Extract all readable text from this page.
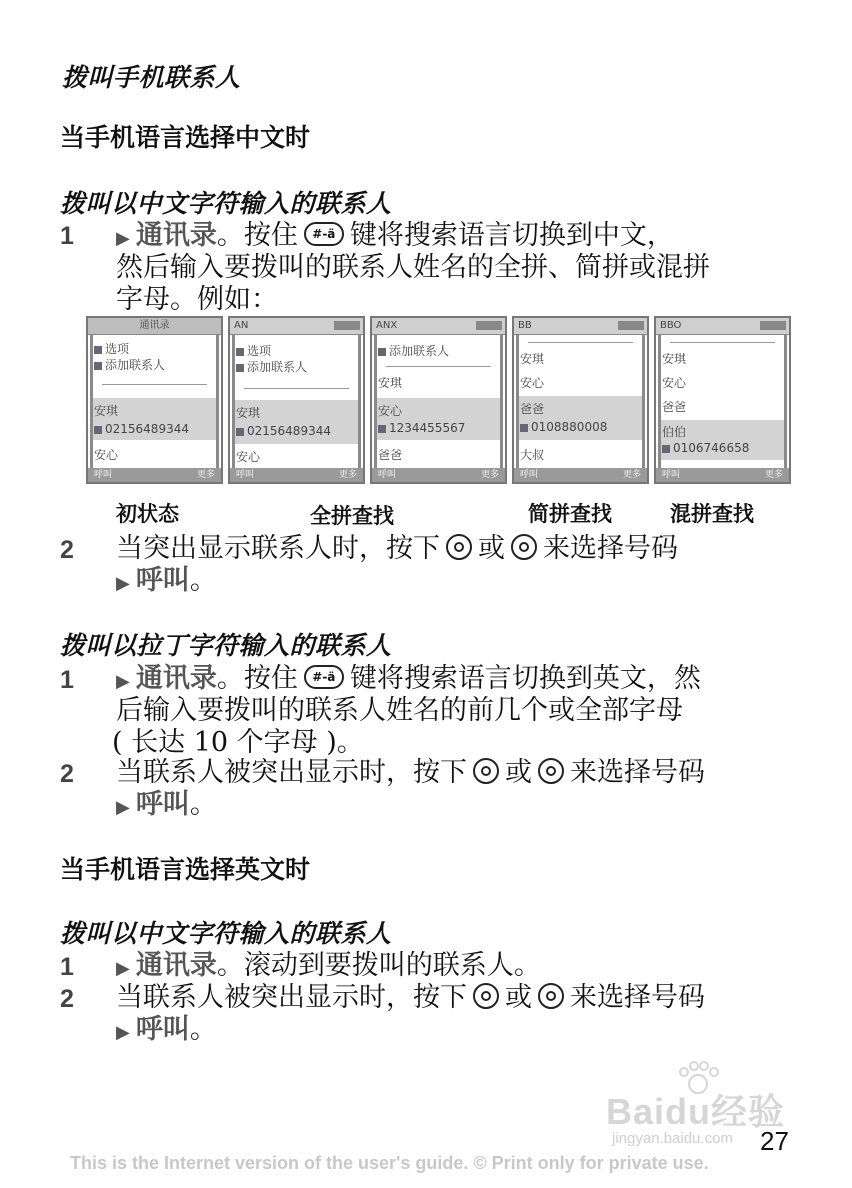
拨叫手机联系人
当手机语言选择中文时
拨叫以中文字符输入的联系人
1	▶ 通讯录。按住 #-ä 键将搜索语言切换到中文，
然后输入要拨叫的联系人姓名的全拼、简拼或混拼
字母。例如：
通讯录
选项
添加联系人
安琪
02156489344
安心
呼叫	更多
AN
选项
添加联系人
安琪
02156489344
安心
呼叫	更多
ANX
添加联系人
安琪
安心
1234455567
爸爸
呼叫	更多
BB
安琪
安心
爸爸
0108880008
大叔
呼叫	更多
BBO
安琪
安心
爸爸
伯伯
0106746658
呼叫	更多
初状态	全拼查找	简拼查找	混拼查找
2	当突出显示联系人时，按下 或 来选择号码
▶ 呼叫。
拨叫以拉丁字符输入的联系人
1	▶ 通讯录。按住 #-ä 键将搜索语言切换到英文，然
后输入要拨叫的联系人姓名的前几个或全部字母
( 长达 10 个字母 )。
2	当联系人被突出显示时，按下 或 来选择号码
▶ 呼叫。
当手机语言选择英文时
拨叫以中文字符输入的联系人
1	▶ 通讯录。滚动到要拨叫的联系人。
2	当联系人被突出显示时，按下 或 来选择号码
▶ 呼叫。
Baidu经验
jingyan.baidu.com 27
This is the Internet version of the user's guide. © Print only for private use.
